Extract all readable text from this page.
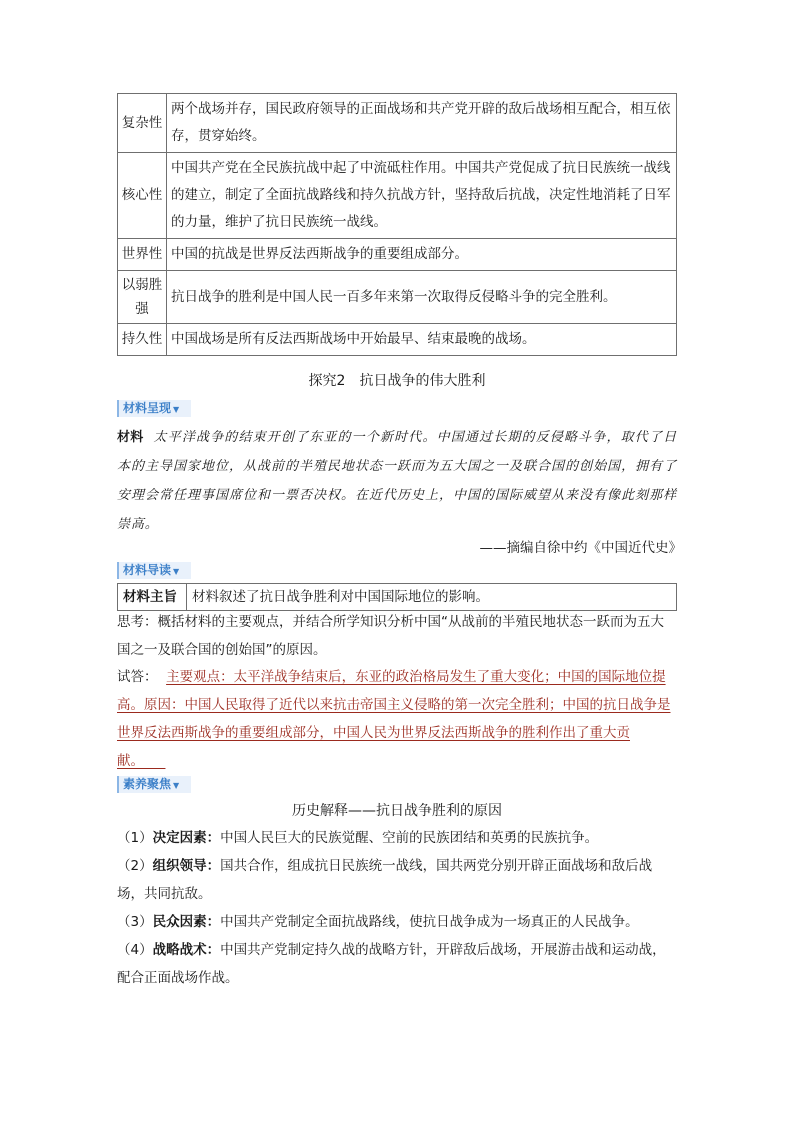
复杂性	两个战场并存，国民政府领导的正面战场和共产党开辟的敌后战场相互配合，相互依存，贯穿始终。
核心性	中国共产党在全民族抗战中起了中流砥柱作用。中国共产党促成了抗日民族统一战线的建立，制定了全面抗战路线和持久抗战方针，坚持敌后抗战，决定性地消耗了日军的力量，维护了抗日民族统一战线。
世界性	中国的抗战是世界反法西斯战争的重要组成部分。
以弱胜强	抗日战争的胜利是中国人民一百多年来第一次取得反侵略斗争的完全胜利。
持久性	中国战场是所有反法西斯战场中开始最早、结束最晚的战场。
探究2　抗日战争的伟大胜利
材料呈现 ▼
材料 太平洋战争的结束开创了东亚的一个新时代。中国通过长期的反侵略斗争，取代了日本的主导国家地位，从战前的半殖民地状态一跃而为五大国之一及联合国的创始国，拥有了安理会常任理事国席位和一票否决权。在近代历史上，中国的国际威望从来没有像此刻那样崇高。
——摘编自徐中约《中国近代史》
材料导读 ▼
材料主旨	材料叙述了抗日战争胜利对中国国际地位的影响。
思考：概括材料的主要观点，并结合所学知识分析中国“从战前的半殖民地状态一跃而为五大国之一及联合国的创始国”的原因。
试答： 主要观点：太平洋战争结束后，东亚的政治格局发生了重大变化；中国的国际地位提高。原因：中国人民取得了近代以来抗击帝国主义侵略的第一次完全胜利；中国的抗日战争是世界反法西斯战争的重要组成部分，中国人民为世界反法西斯战争的胜利作出了重大贡献。
素养聚焦 ▼
历史解释——抗日战争胜利的原因
（1）决定因素：中国人民巨大的民族觉醒、空前的民族团结和英勇的民族抗争。
（2）组织领导：国共合作，组成抗日民族统一战线，国共两党分别开辟正面战场和敌后战场，共同抗敌。
（3）民众因素：中国共产党制定全面抗战路线，使抗日战争成为一场真正的人民战争。
（4）战略战术：中国共产党制定持久战的战略方针，开辟敌后战场，开展游击战和运动战，配合正面战场作战。
